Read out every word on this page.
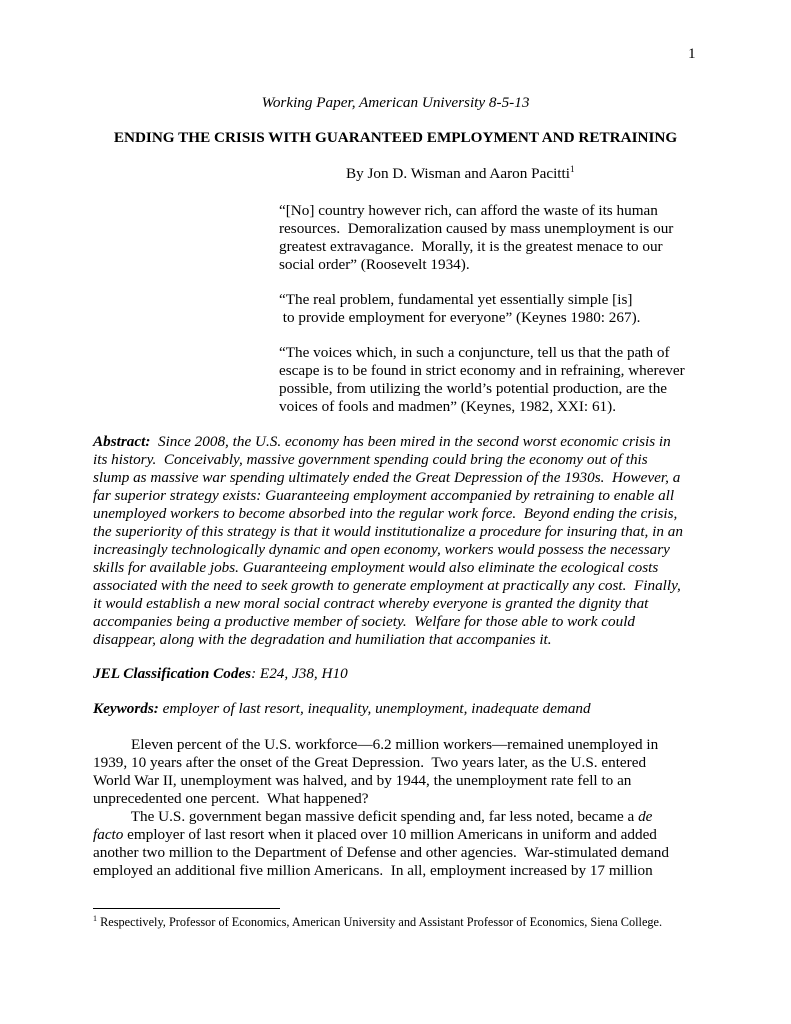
1
Working Paper, American University 8-5-13
ENDING THE CRISIS WITH GUARANTEED EMPLOYMENT AND RETRAINING
By Jon D. Wisman and Aaron Pacitti$^1$
“[No] country however rich, can afford the waste of its human
resources.  Demoralization caused by mass unemployment is our
greatest extravagance.  Morally, it is the greatest menace to our
social order” (Roosevelt 1934).
“The real problem, fundamental yet essentially simple [is]
to provide employment for everyone” (Keynes 1980: 267).
“The voices which, in such a conjuncture, tell us that the path of
escape is to be found in strict economy and in refraining, wherever
possible, from utilizing the world’s potential production, are the
voices of fools and madmen” (Keynes, 1982, XXI: 61).
Abstract:  Since 2008, the U.S. economy has been mired in the second worst economic crisis in
its history.  Conceivably, massive government spending could bring the economy out of this
slump as massive war spending ultimately ended the Great Depression of the 1930s.  However, a
far superior strategy exists: Guaranteeing employment accompanied by retraining to enable all
unemployed workers to become absorbed into the regular work force.  Beyond ending the crisis,
the superiority of this strategy is that it would institutionalize a procedure for insuring that, in an
increasingly technologically dynamic and open economy, workers would possess the necessary
skills for available jobs. Guaranteeing employment would also eliminate the ecological costs
associated with the need to seek growth to generate employment at practically any cost.  Finally,
it would establish a new moral social contract whereby everyone is granted the dignity that
accompanies being a productive member of society.  Welfare for those able to work could
disappear, along with the degradation and humiliation that accompanies it.
JEL Classification Codes: E24, J38, H10
Keywords: employer of last resort, inequality, unemployment, inadequate demand
Eleven percent of the U.S. workforce—6.2 million workers—remained unemployed in
1939, 10 years after the onset of the Great Depression.  Two years later, as the U.S. entered
World War II, unemployment was halved, and by 1944, the unemployment rate fell to an
unprecedented one percent.  What happened?
The U.S. government began massive deficit spending and, far less noted, became a de
facto employer of last resort when it placed over 10 million Americans in uniform and added
another two million to the Department of Defense and other agencies.  War-stimulated demand
employed an additional five million Americans.  In all, employment increased by 17 million
$^1$ Respectively, Professor of Economics, American University and Assistant Professor of Economics, Siena College.
